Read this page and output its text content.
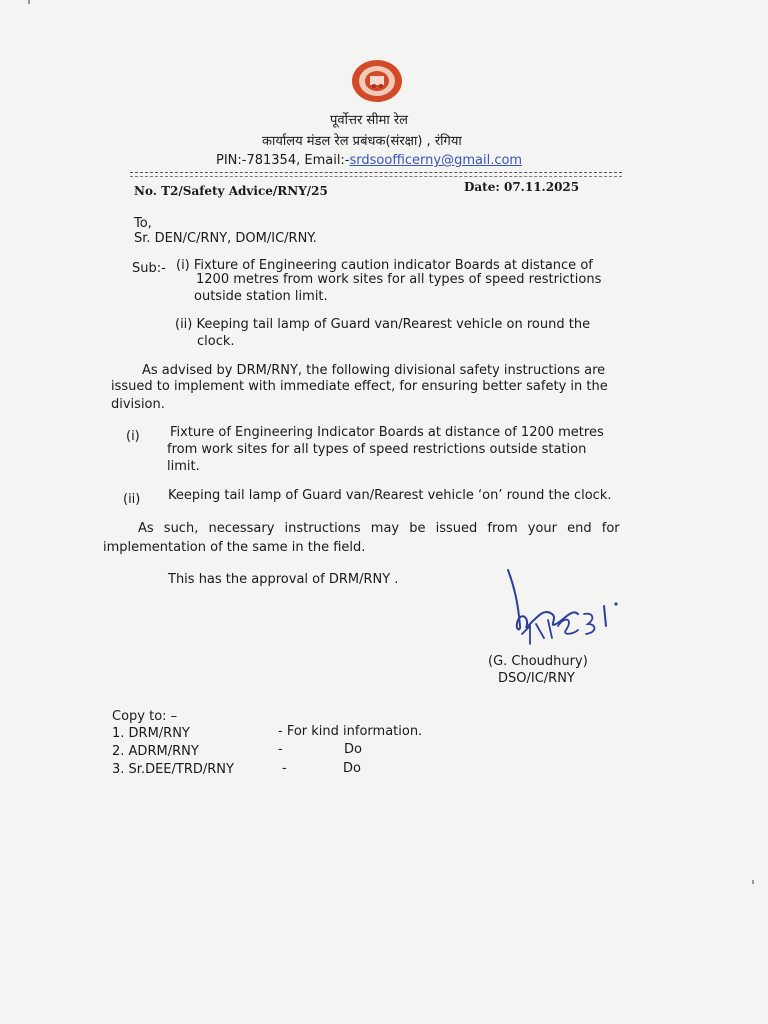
पूर्वोत्तर सीमा रेल
कार्यालय मंडल रेल प्रबंधक(संरक्षा) , रंगिया
PIN:-781354, Email:-srdsoofficerny@gmail.com
No. T2/Safety Advice/RNY/25	Date: 07.11.2025
To,
Sr. DEN/C/RNY, DOM/IC/RNY.
Sub:- (i) Fixture of Engineering caution indicator Boards at distance of
1200 metres from work sites for all types of speed restrictions
outside station limit.
(ii) Keeping tail lamp of Guard van/Rearest vehicle on round the
clock.
As advised by DRM/RNY, the following divisional safety instructions are
issued to implement with immediate effect, for ensuring better safety in the
division.
(i) Fixture of Engineering Indicator Boards at distance of 1200 metres
from work sites for all types of speed restrictions outside station
limit.
(ii) Keeping tail lamp of Guard van/Rearest vehicle ‘on’ round the clock.
As such, necessary instructions may be issued from your end for
implementation of the same in the field.
This has the approval of DRM/RNY .
(G. Choudhury)
DSO/IC/RNY
Copy to: –
1. DRM/RNY	- For kind information.
2. ADRM/RNY	-	Do
3. Sr.DEE/TRD/RNY	-	Do
